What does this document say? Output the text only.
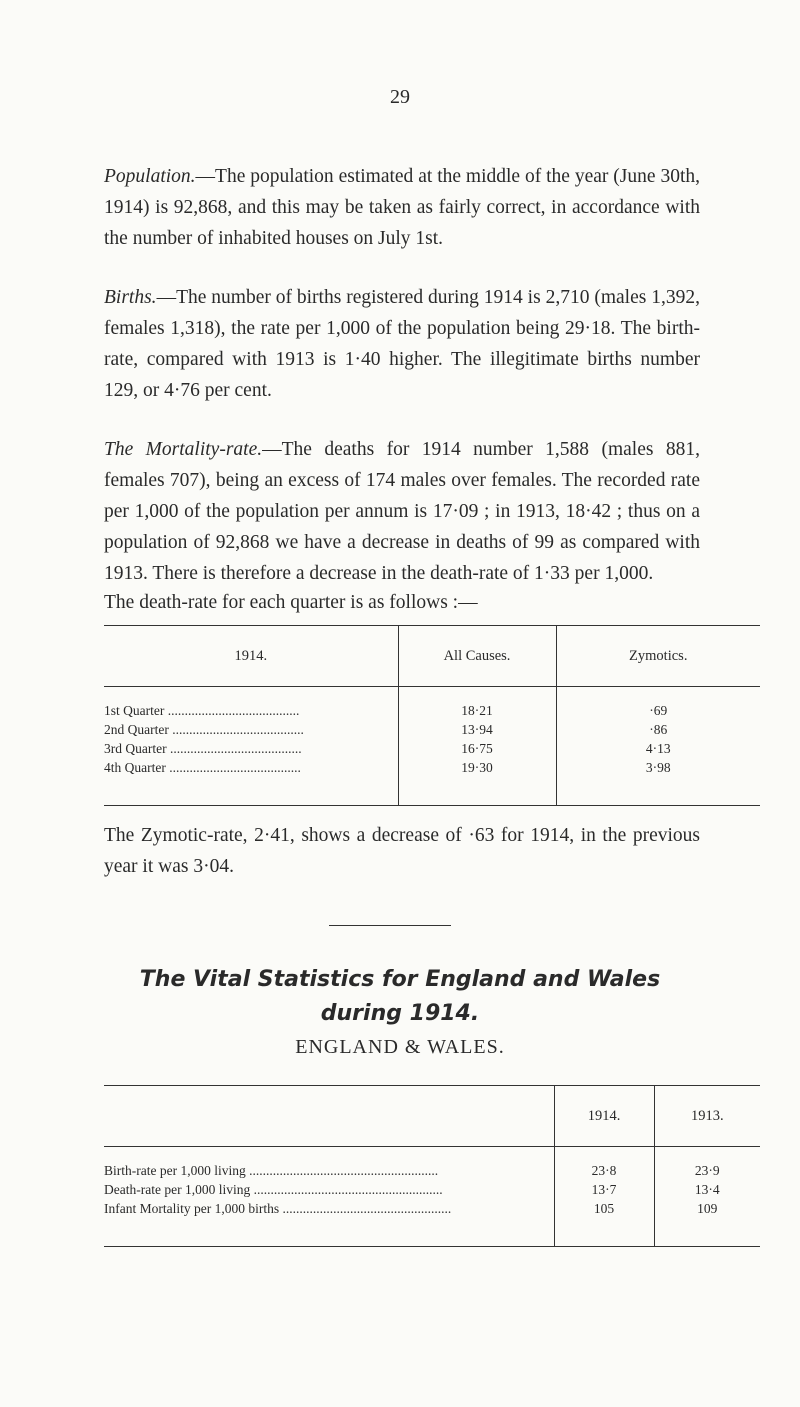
29

Population.—The population estimated at the middle of the year (June 30th, 1914) is 92,868, and this may be taken as fairly correct, in accordance with the number of inhabited houses on July 1st.

Births.—The number of births registered during 1914 is 2,710 (males 1,392, females 1,318), the rate per 1,000 of the population being 29·18. The birth-rate, compared with 1913 is 1·40 higher. The illegitimate births number 129, or 4·76 per cent.

The Mortality-rate.—The deaths for 1914 number 1,588 (males 881, females 707), being an excess of 174 males over females. The recorded rate per 1,000 of the population per annum is 17·09 ; in 1913, 18·42 ; thus on a population of 92,868 we have a decrease in deaths of 99 as compared with 1913. There is therefore a decrease in the death-rate of 1·33 per 1,000.

The death-rate for each quarter is as follows :—

1914.	All Causes.	Zymotics.
1st Quarter .......................................	18·21	·69
2nd Quarter .......................................	13·94	·86
3rd Quarter .......................................	16·75	4·13
4th Quarter .......................................	19·30	3·98

The Zymotic-rate, 2·41, shows a decrease of ·63 for 1914, in the previous year it was 3·04.

The Vital Statistics for England and Wales
during 1914.
ENGLAND & WALES.
	1914.	1913.
Birth-rate per 1,000 living ........................................................	23·8	23·9
Death-rate per 1,000 living ........................................................	13·7	13·4
Infant Mortality per 1,000 births ..................................................	105	109
